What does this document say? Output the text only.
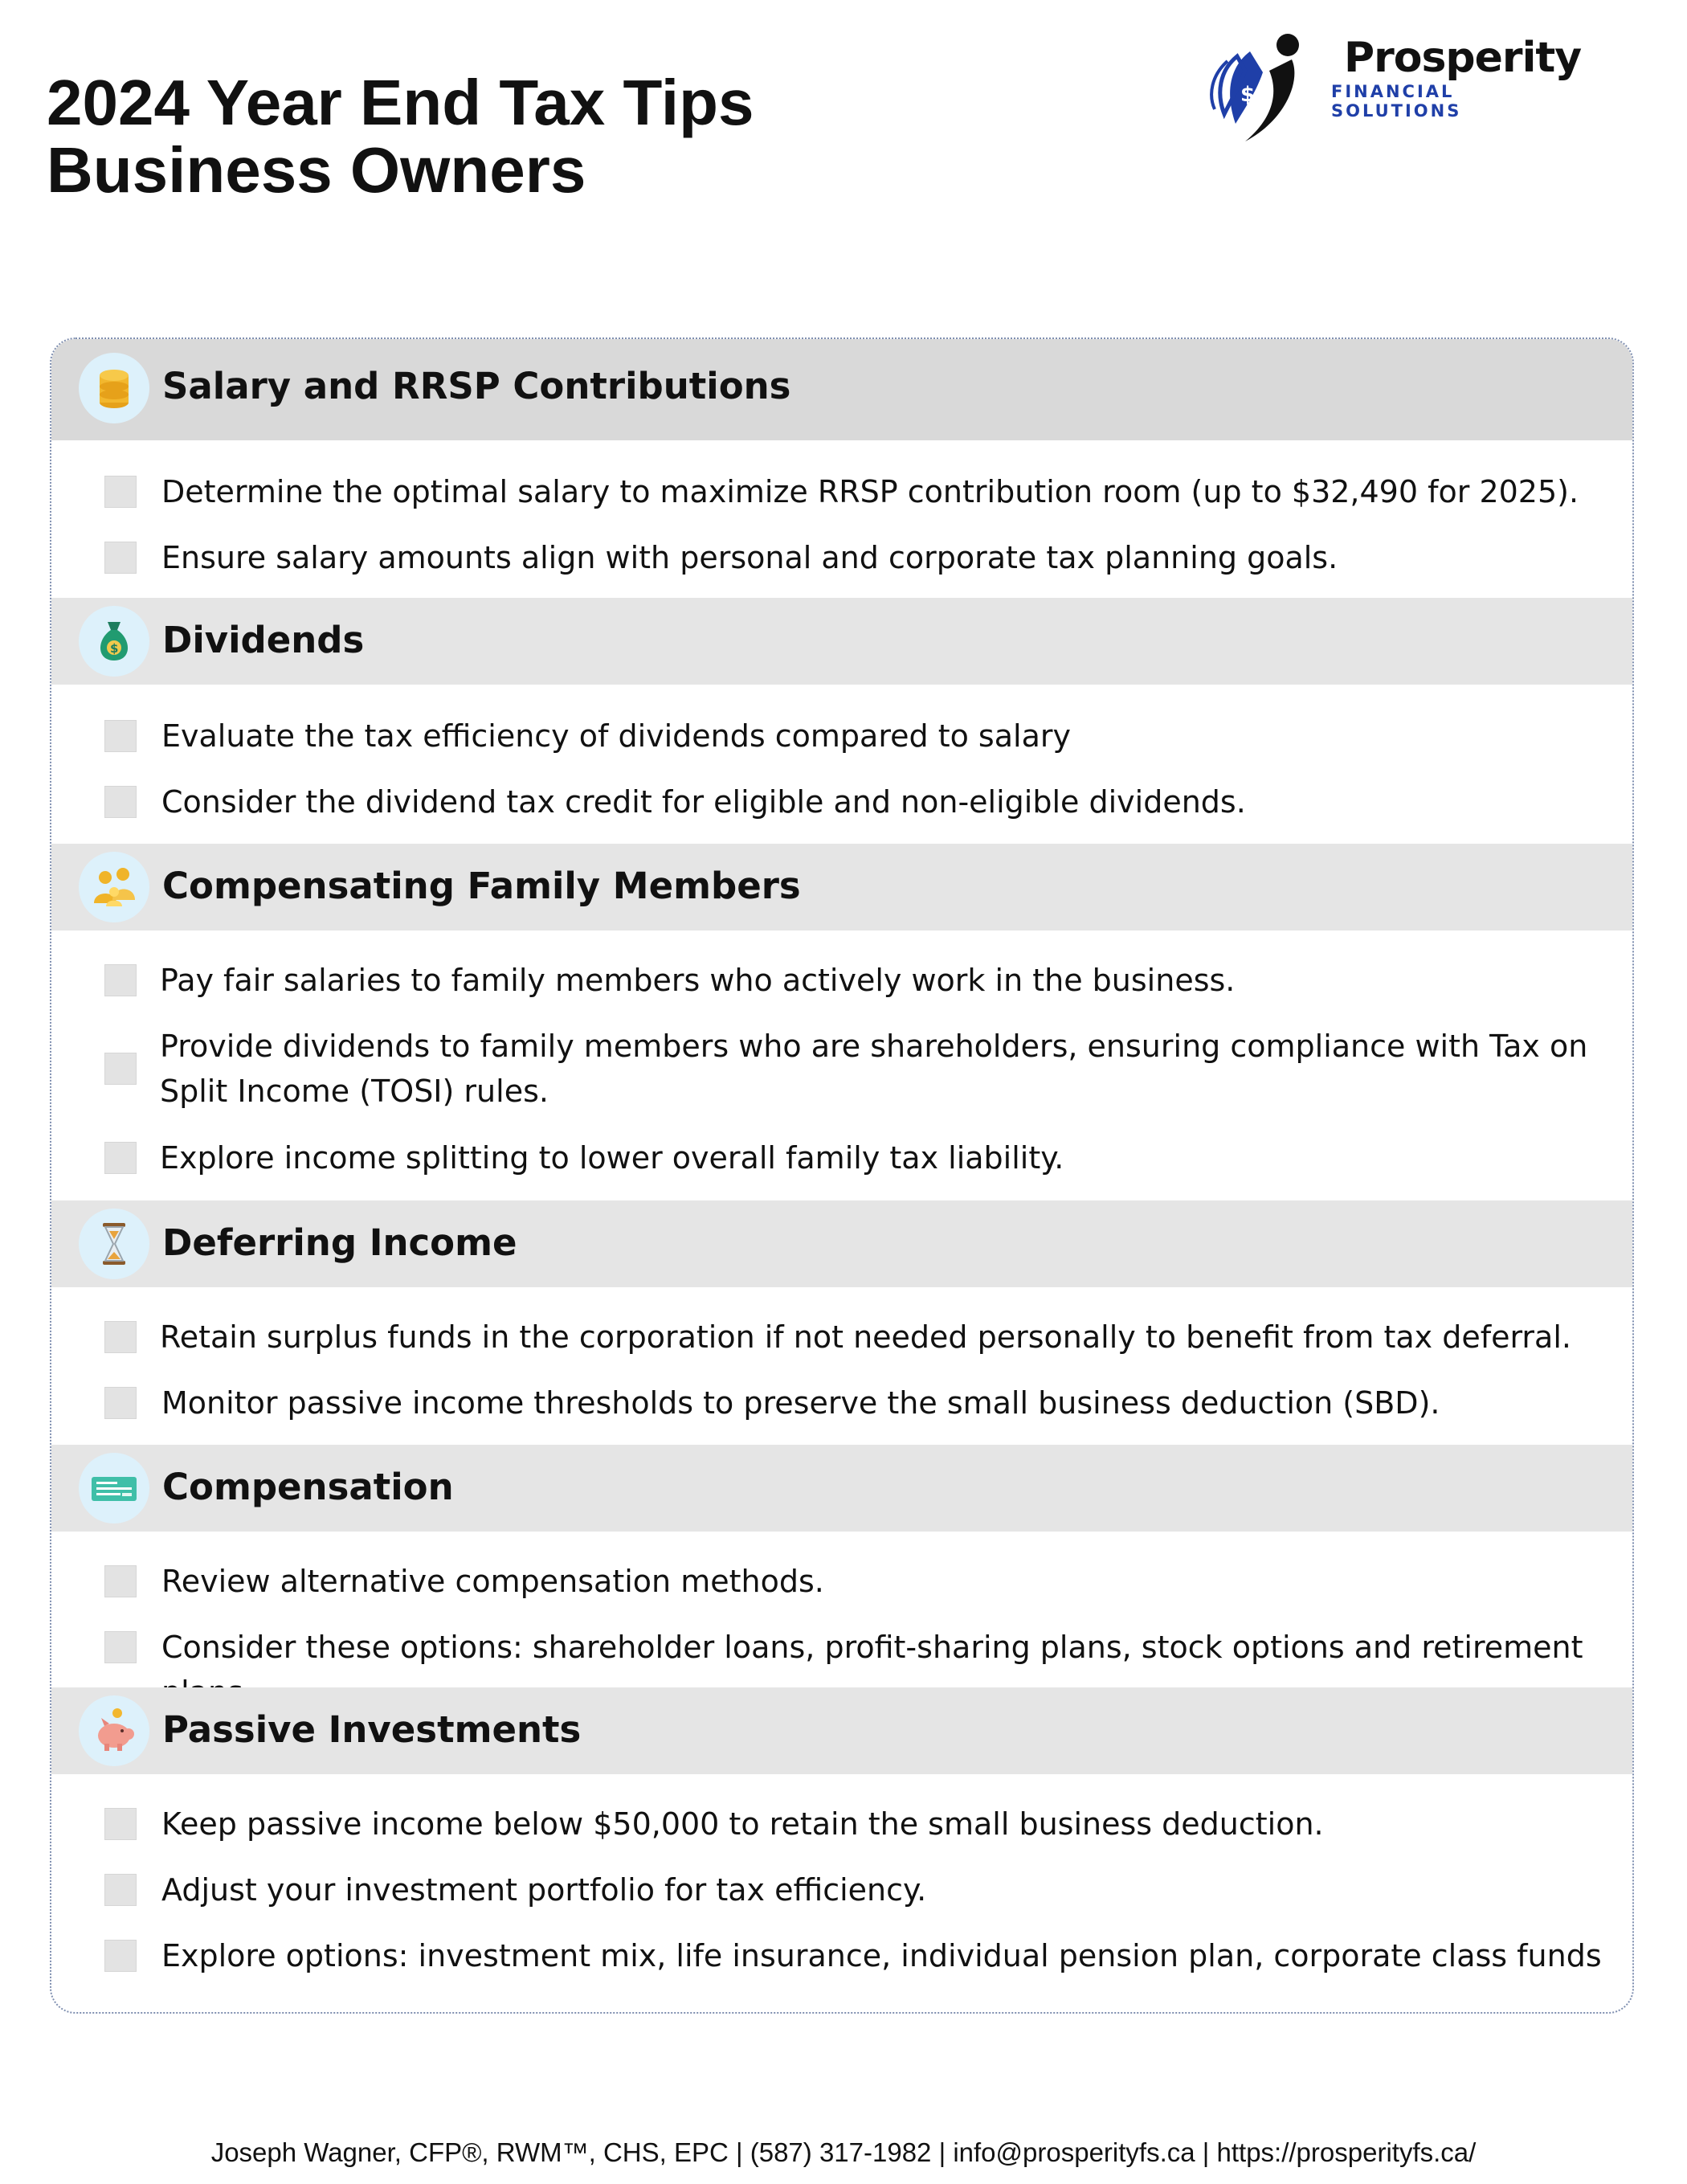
2024 Year End Tax Tips
Business Owners
$
Prosperity
FINANCIAL SOLUTIONS
Salary and RRSP Contributions
Determine the optimal salary to maximize RRSP contribution room (up to $32,490 for 2025).
Ensure salary amounts align with personal and corporate tax planning goals.
$ Dividends
Evaluate the tax efficiency of dividends compared to salary
Consider the dividend tax credit for eligible and non-eligible dividends.
Compensating Family Members
Pay fair salaries to family members who actively work in the business.
Provide dividends to family members who are shareholders, ensuring compliance with Tax on Split Income (TOSI) rules.
Explore income splitting to lower overall family tax liability.
Deferring Income
Retain surplus funds in the corporation if not needed personally to benefit from tax deferral.
Monitor passive income thresholds to preserve the small business deduction (SBD).
Compensation
Review alternative compensation methods.
Consider these options: shareholder loans, profit-sharing plans, stock options and retirement
Passive Investments
Keep passive income below $50,000 to retain the small business deduction.
Adjust your investment portfolio for tax efficiency.
Explore options: investment mix, life insurance, individual pension plan, corporate class funds
Joseph Wagner, CFP®, RWM™, CHS, EPC | (587) 317-1982 | info@prosperityfs.ca | https://prosperityfs.ca/
